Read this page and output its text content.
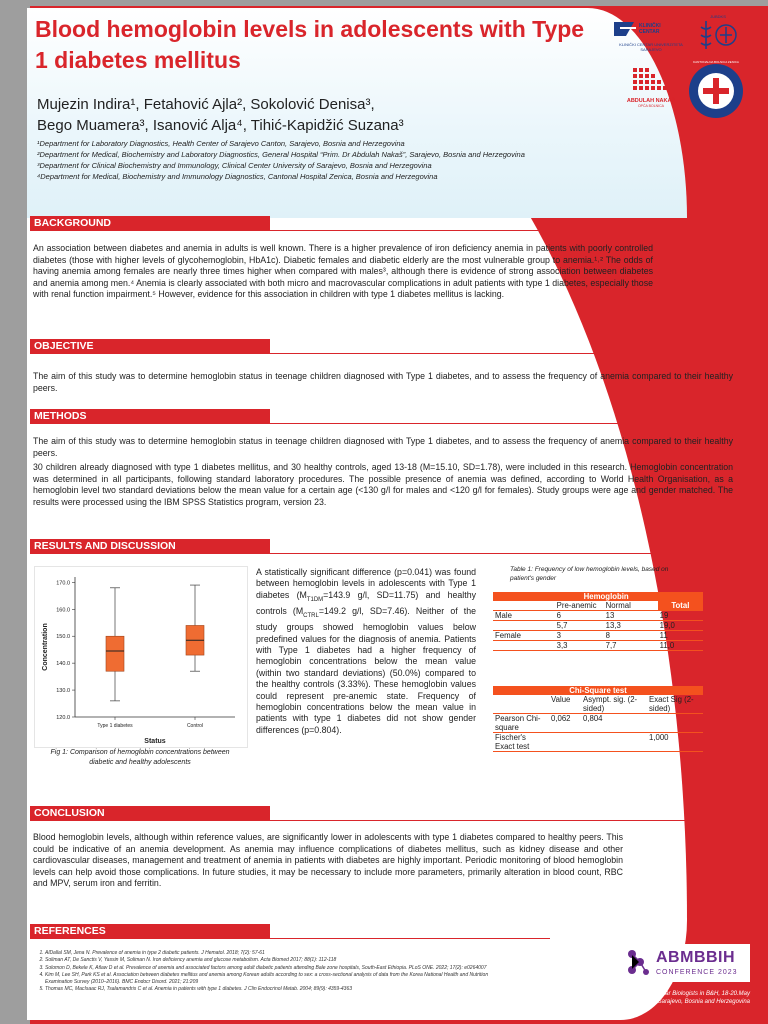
Blood hemoglobin levels in adolescents with Type 1 diabetes mellitus
Mujezin Indira¹, Fetahović Ajla², Sokolović Denisa³,
Bego Muamera³, Isanović Alja⁴, Tihić-Kapidžić Suzana³
¹Department for Laboratory Diagnostics, Health Center of Sarajevo Canton, Sarajevo, Bosnia and Herzegovina
²Department for Medical, Biochemistry and Laboratory Diagnostics, General Hospital “Prim. Dr Abdulah Nakaš”, Sarajevo, Bosnia and Herzegovina
³Department for Clinical Biochemistry and Immunology, Clinical Center University of Sarajevo, Bosnia and Herzegovina
⁴Department for Medical, Biochemistry and Immunology Diagnostics, Cantonal Hospital Zenica, Bosnia and Herzegovina
KLINIČKI
CENTAR
KLINIČKI CENTAR UNIVERZITETA SARAJEVO
JUBDKS
ABDULAH NAKAŠ
OPĆA BOLNICA
KANTONALNA BOLNICA ZENICA
BACKGROUND
An association between diabetes and anemia in adults is well known. There is a higher prevalence of iron deficiency anemia in patients with poorly controlled diabetes (those with higher levels of glycohemoglobin, HbA1c). Diabetic females and diabetic elderly are the most vulnerable group to anemia.¹˒² The odds of having anemia among females are nearly three times higher when compared with males³, although there is evidence of strong association between diabetes and anemia among men.⁴ Anemia is clearly associated with both micro and macrovascular complications in adult patients with type 1 diabetes, especially those with renal function impairment.⁵ However, evidence for this association in children with type 1 diabetes mellitus is lacking.
OBJECTIVE
The aim of this study was to determine hemoglobin status in teenage children diagnosed with Type 1 diabetes, and to assess the frequency of anemia compared to their healthy peers.
METHODS
The aim of this study was to determine hemoglobin status in teenage children diagnosed with Type 1 diabetes, and to assess the frequency of anemia compared to their healthy peers.
30 children already diagnosed with type 1 diabetes mellitus, and 30 healthy controls, aged 13-18 (M=15.10, SD=1.78), were included in this research. Hemoglobin concentration was determined in all participants, following standard laboratory procedures. The possible presence of anemia was defined, according to World Health Organisation, as a hemoglobin level two standard deviations below the mean value for a certain age (<130 g/l for males and <120 g/l for females). Study groups were age and gender matched. The results were processed using the IBM SPSS Statistics program, version 23.
RESULTS AND DISCUSSION
120.0
130.0
140.0
150.0
160.0
170.0
Concentration
Status
Type 1 diabetes	Control
Fig 1: Comparison of hemoglobin concentrations between diabetic and healthy adolescents
A statistically significant difference (p=0.041) was found between hemoglobin levels in adolescents with Type 1 diabetes ($M_{T1DM}=143.9$ g/l, SD=11.75) and healthy controls ($M_{CTRL}=149.2$ g/l, SD=7.46). Neither of the study groups showed hemoglobin values below predefined values for the diagnosis of anemia. Patients with Type 1 diabetes had a higher frequency of hemoglobin concentrations below the mean value (within two standard deviations) (50.0%) compared to the healthy controls (3.33%). These hemoglobin values could represent pre-anemic state. Frequency of hemoglobin concentrations below the mean value in patients with type 1 diabetes did not show gender differences (p=0.804).
Table 1: Frequency of low hemoglobin levels, based on patient's gender
	Hemoglobin		
	Pre-anemic	Normal	Total
Male	6	13	19
	5,7	13,3	19,0
Female	3	8	11
	3,3	7,7	11,0
Chi-Square test			
	Value	Asympt. sig. (2-sided)	Exact Sig (2-sided)
Pearson Chi-square	0,062	0,804	
Fischer's Exact test			1,000
CONCLUSION
Blood hemoglobin levels, although within reference values, are significantly lower in adolescents with type 1 diabetes compared to healthy peers. This could be indicative of an anemia development. As anemia may influence complications of diabetes mellitus, such as kidney disease and other cardiovascular diseases, management and treatment of anemia in patients with diabetes are highly important. Periodic monitoring of blood hemoglobin levels can help avoid those complications. In future studies, it may be necessary to include more parameters, primarily alteration in blood count, RBC and MPV, serum iron and ferritin.
REFERENCES
1. AlDallal SM, Jena N. Prevalence of anemia in type 2 diabetic patients. J Hematol. 2018; 7(2): 57-61
2. Soliman AT, De Sanctis V, Yassin M, Soliman N. Iron deficiency anemia and glucose metabolism. Acta Biomed 2017; 88(1): 112-118
3. Solomon D, Bekele K, Atlaw D et al. Prevalence of anemia and associated factors among adult diabetic patients attending Bale zone hospitals, South-East Ethiopia. PLoS ONE. 2022; 17(2): e0264007
4. Kim M, Lee SH, Park KS et al. Association between diabetes mellitus and anemia among Korean adults according to sex: a cross-sectional analysis of data from the Korea National Health and Nutrition Examination Survey (2010–2016). BMC Endocr Disord. 2021; 21:209
5. Thomas MC, MacIsaac RJ, Tsalamandris C et al. Anemia in patients with type 1 diabetes. J Clin Endocrinol Metab. 2004; 89(9): 4359-4363
ABMBBIH
CONFERENCE 2023
Presented at: Conference of Biochemists and Molecular Biologists in B&H, 18-20.May 2023., Sarajevo, Bosnia and Herzegovina
